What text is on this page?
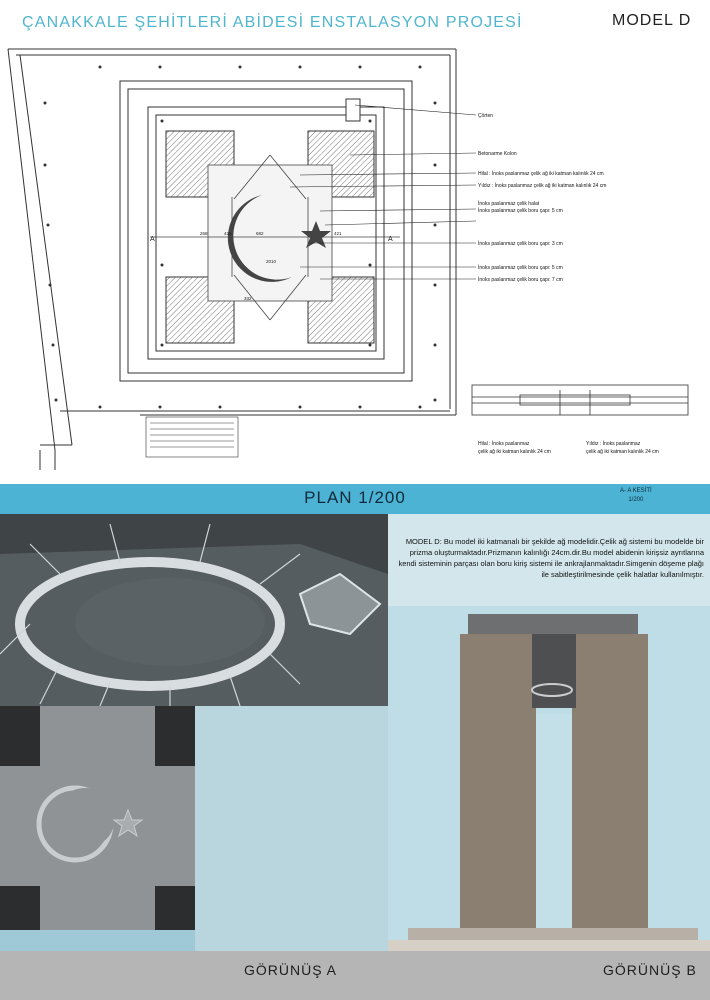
ÇANAKKALE ŞEHİTLERİ ABİDESİ ENSTALASYON PROJESİ	MODEL D
A	A
268	425	682
2010
421
332
Çörten
Betonarme Kolon
Hilal : İnoks paslanmaz çelik ağ iki katman kalınlık 24 cm
Yıldız : İnoks paslanmaz çelik ağ iki katman kalınlık 24 cm
İnoks paslanmaz çelik halat
İnoks paslanmaz çelik boru çapı: 5 cm
İnoks paslanmaz çelik boru çapı: 3 cm
İnoks paslanmaz çelik boru çapı: 5 cm
İnoks paslanmaz çelik boru çapı: 7 cm
Hilal : İnoks paslanmaz
çelik ağ iki katman kalınlık 24 cm
Yıldız : İnoks paslanmaz
çelik ağ iki katman kalınlık 24 cm
PLAN 1/200	A- A KESİTİ
1/200
MODEL D: Bu model iki katmanalı bir şekilde ağ modelidir.Çelik ağ sistemi bu modelde bir prizma oluşturmaktadır.Prizmanın kalınlığı 24cm.dir.Bu model abidenin kirişsiz ayrıtlarına kendi sisteminin parçası olan boru kiriş sistemi ile ankrajlanmaktadır.Simgenin döşeme plağı ile sabitleştirilmesinde çelik halatlar kullanılmıştır.
GÖRÜNÜŞ A	GÖRÜNÜŞ B
